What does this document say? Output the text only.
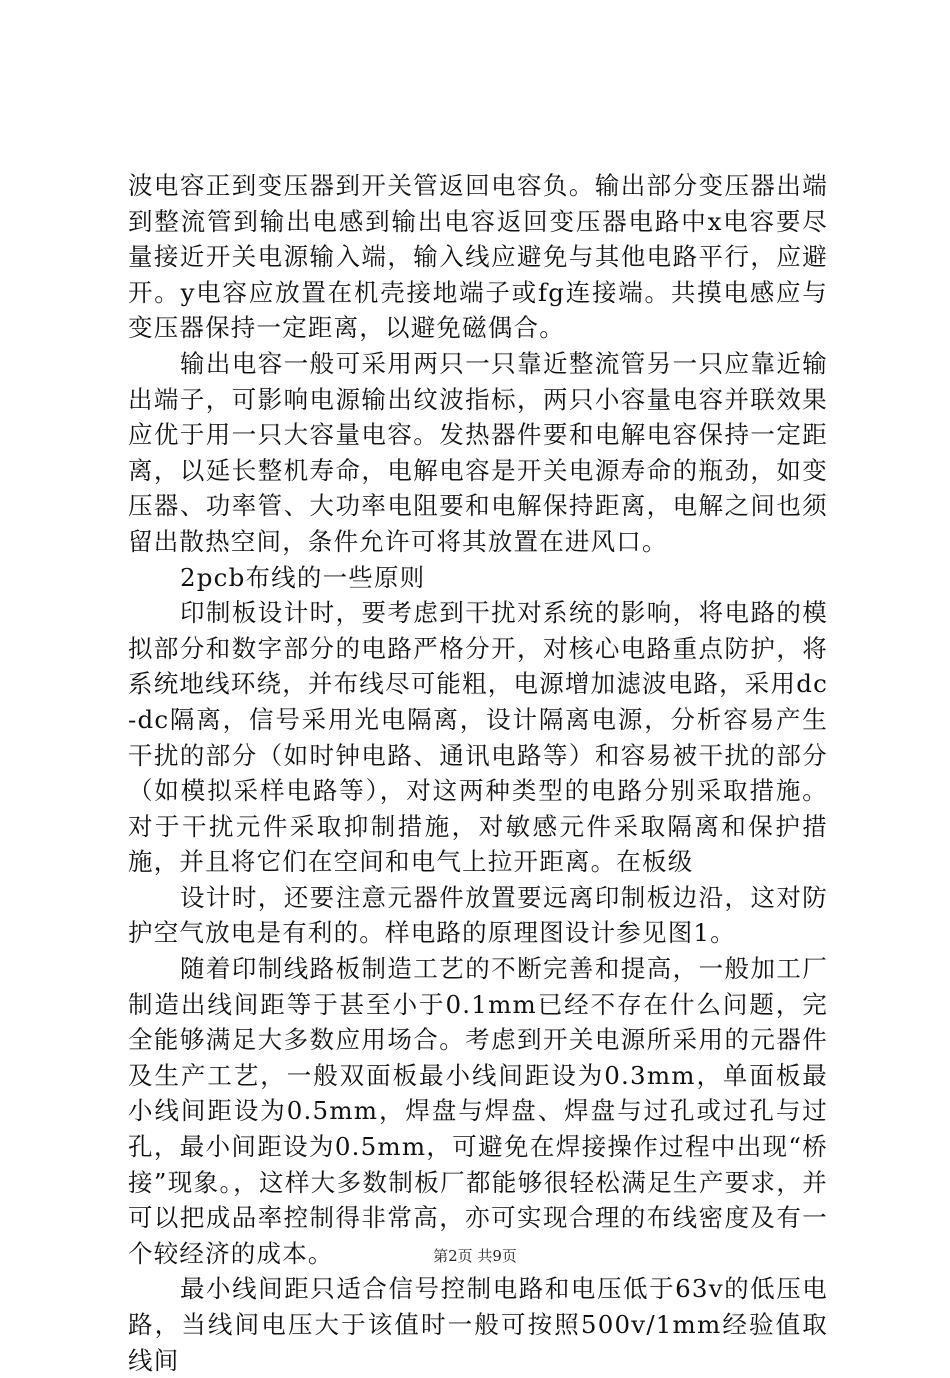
波电容正到变压器到开关管返回电容负。输出部分变压器出端到整流管到输出电感到输出电容返回变压器电路中x电容要尽量接近开关电源输入端，输入线应避免与其他电路平行，应避开。y电容应放置在机壳接地端子或fg连接端。共摸电感应与变压器保持一定距离，以避免磁偶合。

输出电容一般可采用两只一只靠近整流管另一只应靠近输出端子，可影响电源输出纹波指标，两只小容量电容并联效果应优于用一只大容量电容。发热器件要和电解电容保持一定距离，以延长整机寿命，电解电容是开关电源寿命的瓶劲，如变压器、功率管、大功率电阻要和电解保持距离，电解之间也须留出散热空间，条件允许可将其放置在进风口。

2pcb布线的一些原则

印制板设计时，要考虑到干扰对系统的影响，将电路的模拟部分和数字部分的电路严格分开，对核心电路重点防护，将系统地线环绕，并布线尽可能粗，电源增加滤波电路，采用dc-dc隔离，信号采用光电隔离，设计隔离电源，分析容易产生干扰的部分（如时钟电路、通讯电路等）和容易被干扰的部分（如模拟采样电路等），对这两种类型的电路分别采取措施。对于干扰元件采取抑制措施，对敏感元件采取隔离和保护措施，并且将它们在空间和电气上拉开距离。在板级

设计时，还要注意元器件放置要远离印制板边沿，这对防护空气放电是有利的。样电路的原理图设计参见图1。

随着印制线路板制造工艺的不断完善和提高，一般加工厂制造出线间距等于甚至小于0.1mm已经不存在什么问题，完全能够满足大多数应用场合。考虑到开关电源所采用的元器件及生产工艺，一般双面板最小线间距设为0.3mm，单面板最小线间距设为0.5mm，焊盘与焊盘、焊盘与过孔或过孔与过孔，最小间距设为0.5mm，可避免在焊接操作过程中出现“桥接”现象。，这样大多数制板厂都能够很轻松满足生产要求，并可以把成品率控制得非常高，亦可实现合理的布线密度及有一个较经济的成本。

最小线间距只适合信号控制电路和电压低于63v的低压电路，当线间电压大于该值时一般可按照500v/1mm经验值取线间

第2页 共9页
